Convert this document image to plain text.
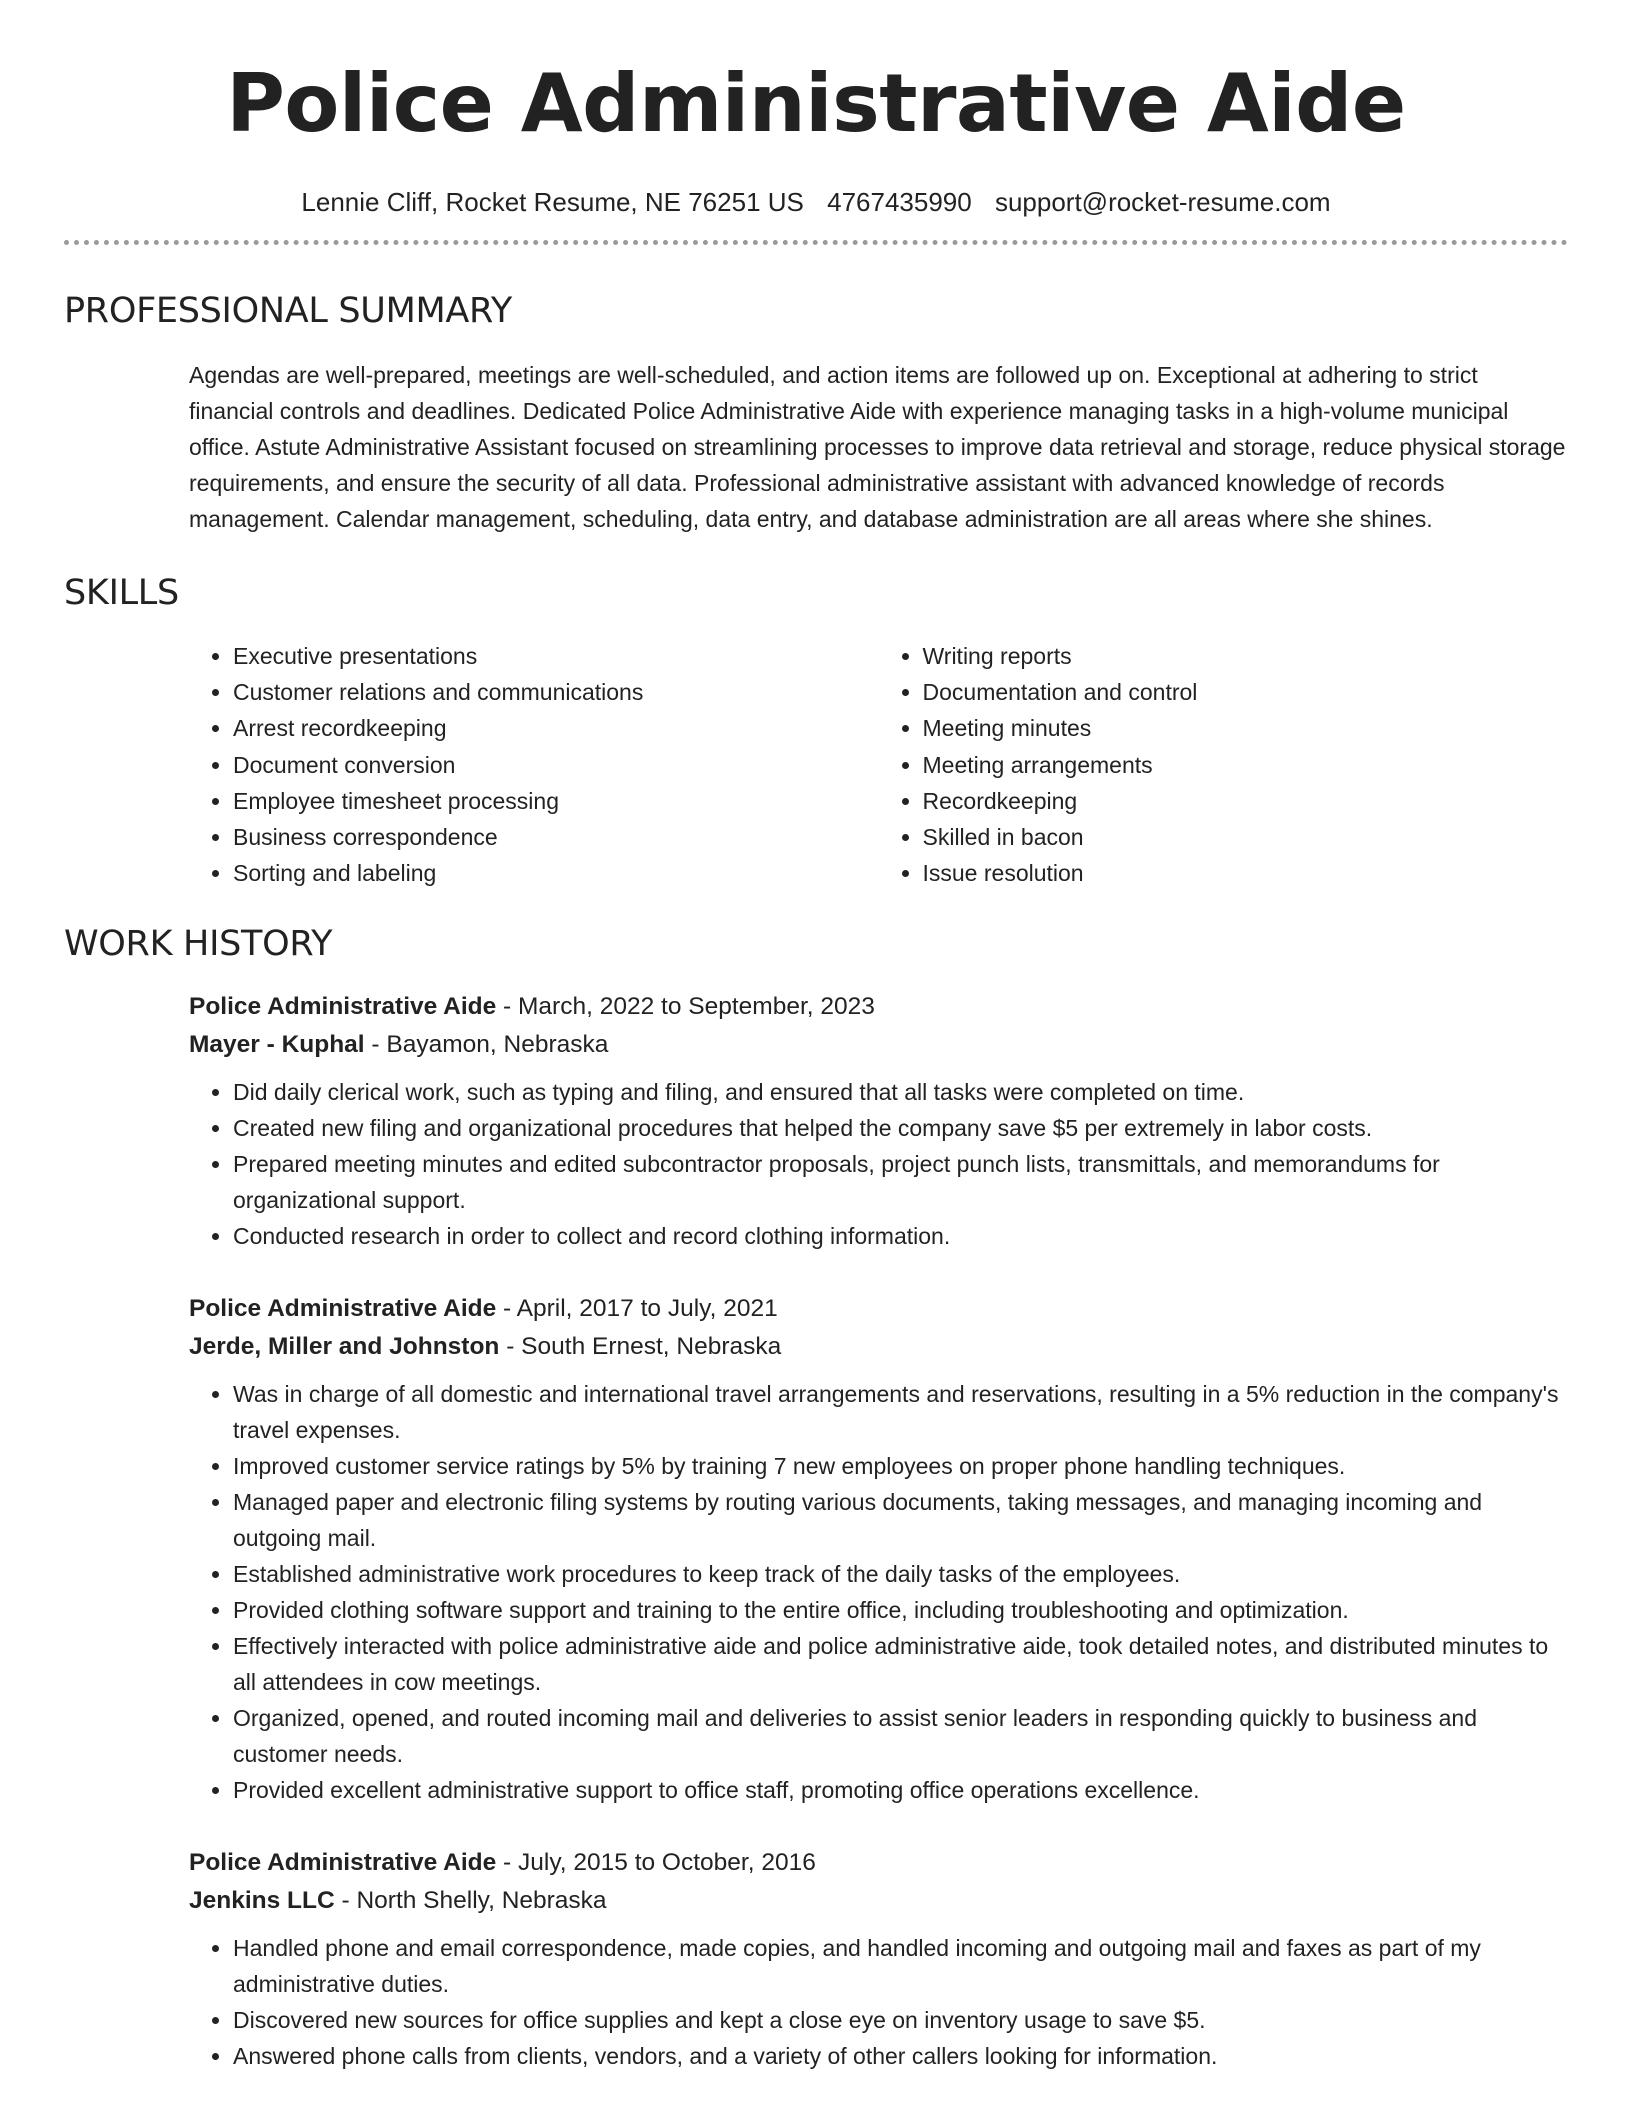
Police Administrative Aide
Lennie Cliff, Rocket Resume, NE 76251 US 4767435990 support@rocket-resume.com
PROFESSIONAL SUMMARY

Agendas are well-prepared, meetings are well-scheduled, and action items are followed up on. Exceptional at adhering to strict financial controls and deadlines. Dedicated Police Administrative Aide with experience managing tasks in a high-volume municipal office. Astute Administrative Assistant focused on streamlining processes to improve data retrieval and storage, reduce physical storage requirements, and ensure the security of all data. Professional administrative assistant with advanced knowledge of records management. Calendar management, scheduling, data entry, and database administration are all areas where she shines.

SKILLS
• Executive presentations
• Customer relations and communications
• Arrest recordkeeping
• Document conversion
• Employee timesheet processing
• Business correspondence
• Sorting and labeling
• Writing reports
• Documentation and control
• Meeting minutes
• Meeting arrangements
• Recordkeeping
• Skilled in bacon
• Issue resolution
WORK HISTORY
Police Administrative Aide - March, 2022 to September, 2023
Mayer - Kuphal - Bayamon, Nebraska
• Did daily clerical work, such as typing and filing, and ensured that all tasks were completed on time.
• Created new filing and organizational procedures that helped the company save $5 per extremely in labor costs.
• Prepared meeting minutes and edited subcontractor proposals, project punch lists, transmittals, and memorandums for organizational support.
• Conducted research in order to collect and record clothing information.
Police Administrative Aide - April, 2017 to July, 2021
Jerde, Miller and Johnston - South Ernest, Nebraska
• Was in charge of all domestic and international travel arrangements and reservations, resulting in a 5% reduction in the company's travel expenses.
• Improved customer service ratings by 5% by training 7 new employees on proper phone handling techniques.
• Managed paper and electronic filing systems by routing various documents, taking messages, and managing incoming and outgoing mail.
• Established administrative work procedures to keep track of the daily tasks of the employees.
• Provided clothing software support and training to the entire office, including troubleshooting and optimization.
• Effectively interacted with police administrative aide and police administrative aide, took detailed notes, and distributed minutes to all attendees in cow meetings.
• Organized, opened, and routed incoming mail and deliveries to assist senior leaders in responding quickly to business and customer needs.
• Provided excellent administrative support to office staff, promoting office operations excellence.
Police Administrative Aide - July, 2015 to October, 2016
Jenkins LLC - North Shelly, Nebraska
• Handled phone and email correspondence, made copies, and handled incoming and outgoing mail and faxes as part of my administrative duties.
• Discovered new sources for office supplies and kept a close eye on inventory usage to save $5.
• Answered phone calls from clients, vendors, and a variety of other callers looking for information.
